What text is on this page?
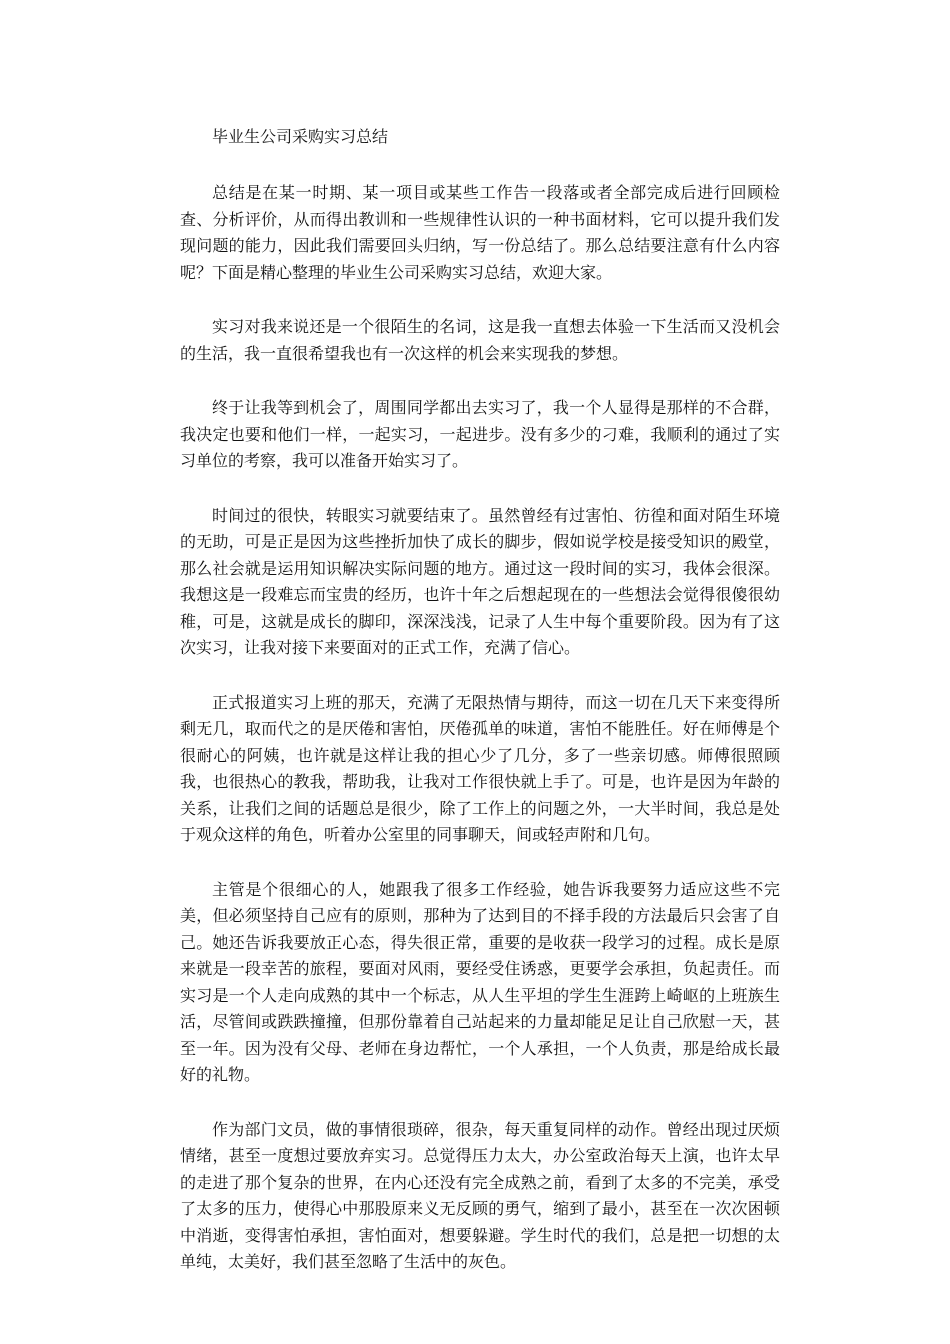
毕业生公司采购实习总结

总结是在某一时期、某一项目或某些工作告一段落或者全部完成后进行回顾检查、分析评价，从而得出教训和一些规律性认识的一种书面材料，它可以提升我们发现问题的能力，因此我们需要回头归纳，写一份总结了。那么总结要注意有什么内容呢？下面是精心整理的毕业生公司采购实习总结，欢迎大家。

实习对我来说还是一个很陌生的名词，这是我一直想去体验一下生活而又没机会的生活，我一直很希望我也有一次这样的机会来实现我的梦想。

终于让我等到机会了，周围同学都出去实习了，我一个人显得是那样的不合群，我决定也要和他们一样，一起实习，一起进步。没有多少的刁难，我顺利的通过了实习单位的考察，我可以准备开始实习了。

时间过的很快，转眼实习就要结束了。虽然曾经有过害怕、彷徨和面对陌生环境的无助，可是正是因为这些挫折加快了成长的脚步，假如说学校是接受知识的殿堂，那么社会就是运用知识解决实际问题的地方。通过这一段时间的实习，我体会很深。我想这是一段难忘而宝贵的经历，也许十年之后想起现在的一些想法会觉得很傻很幼稚，可是，这就是成长的脚印，深深浅浅，记录了人生中每个重要阶段。因为有了这次实习，让我对接下来要面对的正式工作，充满了信心。

正式报道实习上班的那天，充满了无限热情与期待，而这一切在几天下来变得所剩无几，取而代之的是厌倦和害怕，厌倦孤单的味道，害怕不能胜任。好在师傅是个很耐心的阿姨，也许就是这样让我的担心少了几分，多了一些亲切感。师傅很照顾我，也很热心的教我，帮助我，让我对工作很快就上手了。可是，也许是因为年龄的关系，让我们之间的话题总是很少，除了工作上的问题之外，一大半时间，我总是处于观众这样的角色，听着办公室里的同事聊天，间或轻声附和几句。

主管是个很细心的人，她跟我了很多工作经验，她告诉我要努力适应这些不完美，但必须坚持自己应有的原则，那种为了达到目的不择手段的方法最后只会害了自己。她还告诉我要放正心态，得失很正常，重要的是收获一段学习的过程。成长是原来就是一段幸苦的旅程，要面对风雨，要经受住诱惑，更要学会承担，负起责任。而实习是一个人走向成熟的其中一个标志，从人生平坦的学生生涯跨上崎岖的上班族生活，尽管间或跌跌撞撞，但那份靠着自己站起来的力量却能足足让自己欣慰一天，甚至一年。因为没有父母、老师在身边帮忙，一个人承担，一个人负责，那是给成长最好的礼物。

作为部门文员，做的事情很琐碎，很杂，每天重复同样的动作。曾经出现过厌烦情绪，甚至一度想过要放弃实习。总觉得压力太大，办公室政治每天上演，也许太早的走进了那个复杂的世界，在内心还没有完全成熟之前，看到了太多的不完美，承受了太多的压力，使得心中那股原来义无反顾的勇气，缩到了最小，甚至在一次次困顿中消逝，变得害怕承担，害怕面对，想要躲避。学生时代的我们，总是把一切想的太单纯，太美好，我们甚至忽略了生活中的灰色。
